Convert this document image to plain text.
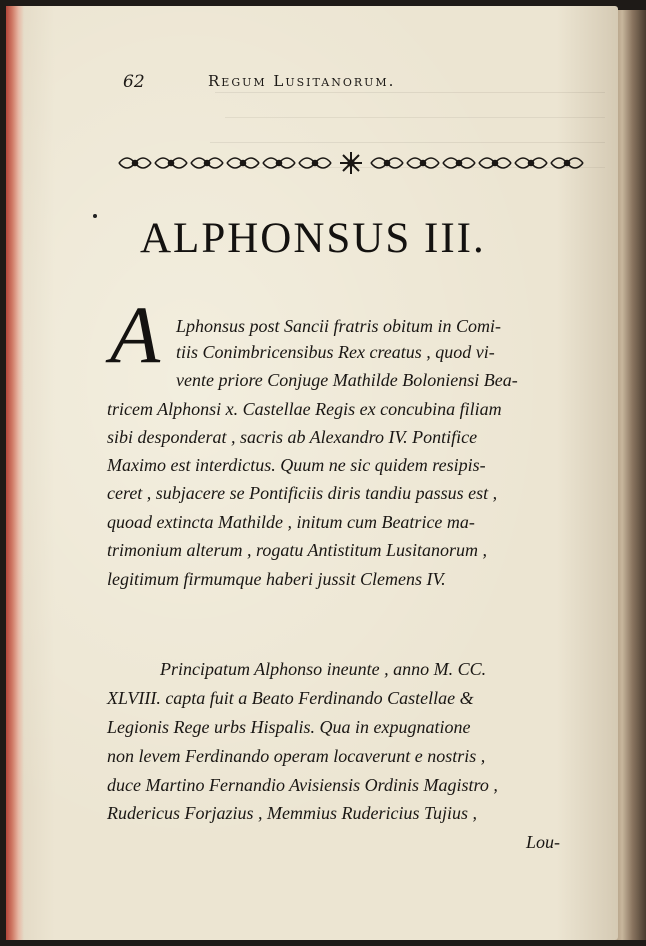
62	Regum Lusitanorum.
ALPHONSUS III.
A Lphonsus post Sancii fratris obitum in Comi-
tiis Conimbricensibus Rex creatus , quod vi-
vente priore Conjuge Mathilde Boloniensi Bea-
tricem Alphonsi x. Castellae Regis ex concubina filiam
sibi desponderat , sacris ab Alexandro IV. Pontifice
Maximo est interdictus. Quum ne sic quidem resipis-
ceret , subjacere se Pontificiis diris tandiu passus est ,
quoad extincta Mathilde , initum cum Beatrice ma-
trimonium alterum , rogatu Antistitum Lusitanorum ,
legitimum firmumque haberi jussit Clemens IV.
Principatum Alphonso ineunte , anno M. CC.
XLVIII. capta fuit a Beato Ferdinando Castellae &
Legionis Rege urbs Hispalis. Qua in expugnatione
non levem Ferdinando operam locaverunt e nostris ,
duce Martino Fernandio Avisiensis Ordinis Magistro ,
Rudericus Forjazius , Memmius Rudericius Tujius ,
Lou-
